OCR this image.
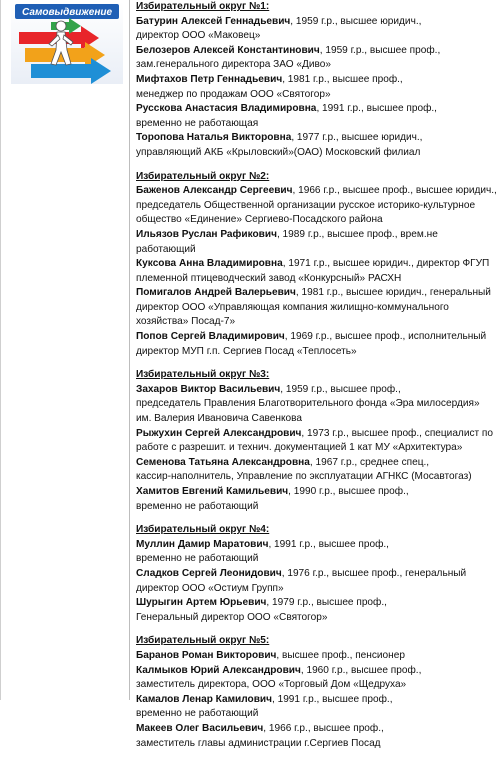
Самовыдвижение
Избирательный округ №1:
Батурин Алексей Геннадьевич, 1959 г.р., высшее юридич.,
директор ООО «Маковец»
Белозеров Алексей Константинович, 1959 г.р., высшее проф.,
зам.генерального директора ЗАО «Диво»
Мифтахов Петр Геннадьевич, 1981 г.р., высшее проф.,
менеджер по продажам ООО «Святогор»
Русскова Анастасия Владимировна, 1991 г.р., высшее проф.,
временно не работающая
Торопова Наталья Викторовна, 1977 г.р., высшее юридич.,
управляющий АКБ «Крыловский»(ОАО) Московский филиал
Избирательный округ №2:
Баженов Александр Сергеевич, 1966 г.р., высшее проф., высшее юридич.,
председатель Общественной организации русское историко-культурное
общество «Единение» Сергиево-Посадского района
Ильязов Руслан Рафикович, 1989 г.р., высшее проф., врем.не работающий
Куксова Анна Владимировна, 1971 г.р., высшее юридич., директор ФГУП
племенной птицеводческий завод «Конкурсный» РАСХН
Помигалов Андрей Валерьевич, 1981 г.р., высшее юридич., генеральный
директор ООО «Управляющая компания жилищно-коммунального
хозяйства» Посад-7»
Попов Сергей Владимирович, 1969 г.р., высшее проф., исполнительный
директор МУП г.п. Сергиев Посад «Теплосеть»
Избирательный округ №3:
Захаров Виктор Васильевич, 1959 г.р., высшее проф.,
председатель Правления Благотворительного фонда «Эра милосердия»
им. Валерия Ивановича Савенкова
Рыжухин Сергей Александрович, 1973 г.р., высшее проф., специалист по
работе с разрешит. и технич. документацией 1 кат МУ «Архитектура»
Семенова Татьяна Александровна, 1967 г.р., среднее спец.,
кассир-наполнитель, Управление по эксплуатации АГНКС (Мосавтогаз)
Хамитов Евгений Камильевич, 1990 г.р., высшее проф.,
временно не работающий
Избирательный округ №4:
Муллин Дамир Маратович, 1991 г.р., высшее проф.,
временно не работающий
Сладков Сергей Леонидович, 1976 г.р., высшее проф., генеральный
директор ООО «Остиум Групп»
Шурыгин Артем Юрьевич, 1979 г.р., высшее проф.,
Генеральный директор ООО «Святогор»
Избирательный округ №5:
Баранов Роман Викторович, высшее проф., пенсионер
Калмыков Юрий Александрович, 1960 г.р., высшее проф.,
заместитель директора, ООО «Торговый Дом «Щедруха»
Камалов Ленар Камилович, 1991 г.р., высшее проф.,
временно не работающий
Макеев Олег Васильевич, 1966 г.р., высшее проф.,
заместитель главы администрации г.Сергиев Посад
